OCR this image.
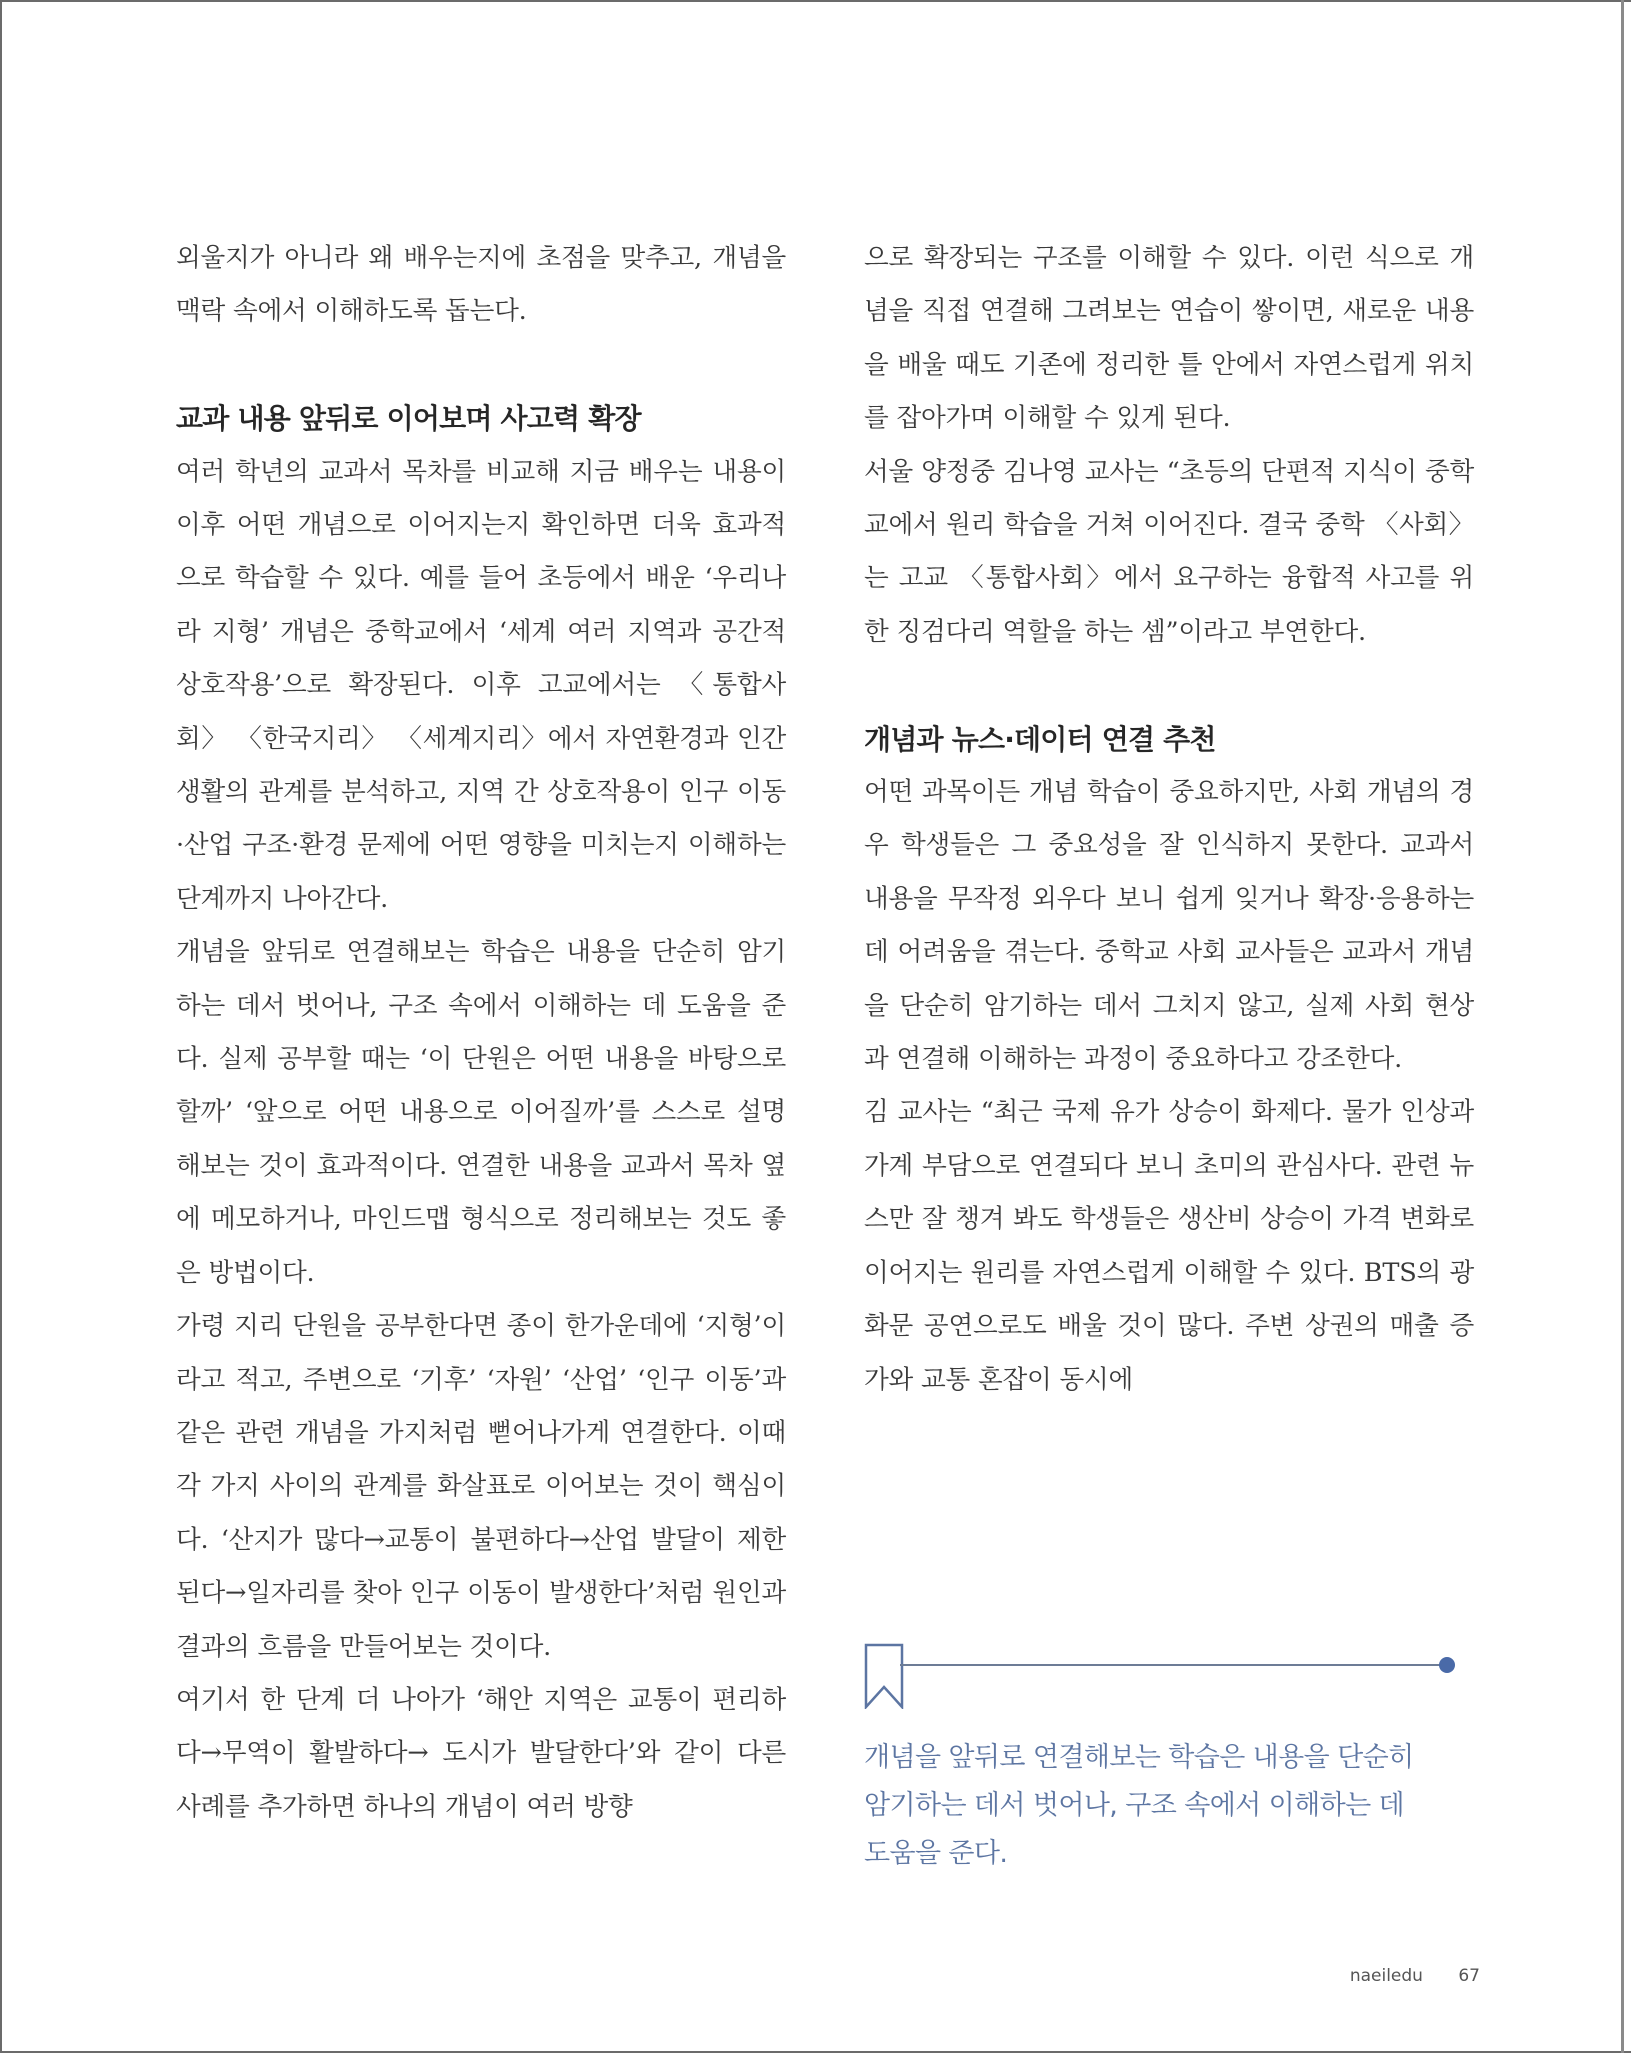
외울지가 아니라 왜 배우는지에 초점을 맞추고, 개념을 맥락 속에서 이해하도록 돕는다.

교과 내용 앞뒤로 이어보며 사고력 확장

여러 학년의 교과서 목차를 비교해 지금 배우는 내용이 이후 어떤 개념으로 이어지는지 확인하면 더욱 효과적으로 학습할 수 있다. 예를 들어 초등에서 배운 ‘우리나라 지형’ 개념은 중학교에서 ‘세계 여러 지역과 공간적 상호작용’으로 확장된다. 이후 고교에서는 〈통합사회〉 〈한국지리〉 〈세계지리〉에서 자연환경과 인간 생활의 관계를 분석하고, 지역 간 상호작용이 인구 이동·산업 구조·환경 문제에 어떤 영향을 미치는지 이해하는 단계까지 나아간다.

개념을 앞뒤로 연결해보는 학습은 내용을 단순히 암기하는 데서 벗어나, 구조 속에서 이해하는 데 도움을 준다. 실제 공부할 때는 ‘이 단원은 어떤 내용을 바탕으로 할까’ ‘앞으로 어떤 내용으로 이어질까’를 스스로 설명해보는 것이 효과적이다. 연결한 내용을 교과서 목차 옆에 메모하거나, 마인드맵 형식으로 정리해보는 것도 좋은 방법이다.

가령 지리 단원을 공부한다면 종이 한가운데에 ‘지형’이라고 적고, 주변으로 ‘기후’ ‘자원’ ‘산업’ ‘인구 이동’과 같은 관련 개념을 가지처럼 뻗어나가게 연결한다. 이때 각 가지 사이의 관계를 화살표로 이어보는 것이 핵심이다. ‘산지가 많다→교통이 불편하다→산업 발달이 제한된다→일자리를 찾아 인구 이동이 발생한다’처럼 원인과 결과의 흐름을 만들어보는 것이다.

여기서 한 단계 더 나아가 ‘해안 지역은 교통이 편리하다→무역이 활발하다→ 도시가 발달한다’와 같이 다른 사례를 추가하면 하나의 개념이 여러 방향

으로 확장되는 구조를 이해할 수 있다. 이런 식으로 개념을 직접 연결해 그려보는 연습이 쌓이면, 새로운 내용을 배울 때도 기존에 정리한 틀 안에서 자연스럽게 위치를 잡아가며 이해할 수 있게 된다.

서울 양정중 김나영 교사는 “초등의 단편적 지식이 중학교에서 원리 학습을 거쳐 이어진다. 결국 중학 〈사회〉는 고교 〈통합사회〉에서 요구하는 융합적 사고를 위한 징검다리 역할을 하는 셈”이라고 부연한다.

개념과 뉴스·데이터 연결 추천

어떤 과목이든 개념 학습이 중요하지만, 사회 개념의 경우 학생들은 그 중요성을 잘 인식하지 못한다. 교과서 내용을 무작정 외우다 보니 쉽게 잊거나 확장·응용하는 데 어려움을 겪는다. 중학교 사회 교사들은 교과서 개념을 단순히 암기하는 데서 그치지 않고, 실제 사회 현상과 연결해 이해하는 과정이 중요하다고 강조한다.

김 교사는 “최근 국제 유가 상승이 화제다. 물가 인상과 가계 부담으로 연결되다 보니 초미의 관심사다. 관련 뉴스만 잘 챙겨 봐도 학생들은 생산비 상승이 가격 변화로 이어지는 원리를 자연스럽게 이해할 수 있다. BTS의 광화문 공연으로도 배울 것이 많다. 주변 상권의 매출 증가와 교통 혼잡이 동시에

개념을 앞뒤로 연결해보는 학습은 내용을 단순히
암기하는 데서 벗어나, 구조 속에서 이해하는 데
도움을 준다.
naeiledu 67
